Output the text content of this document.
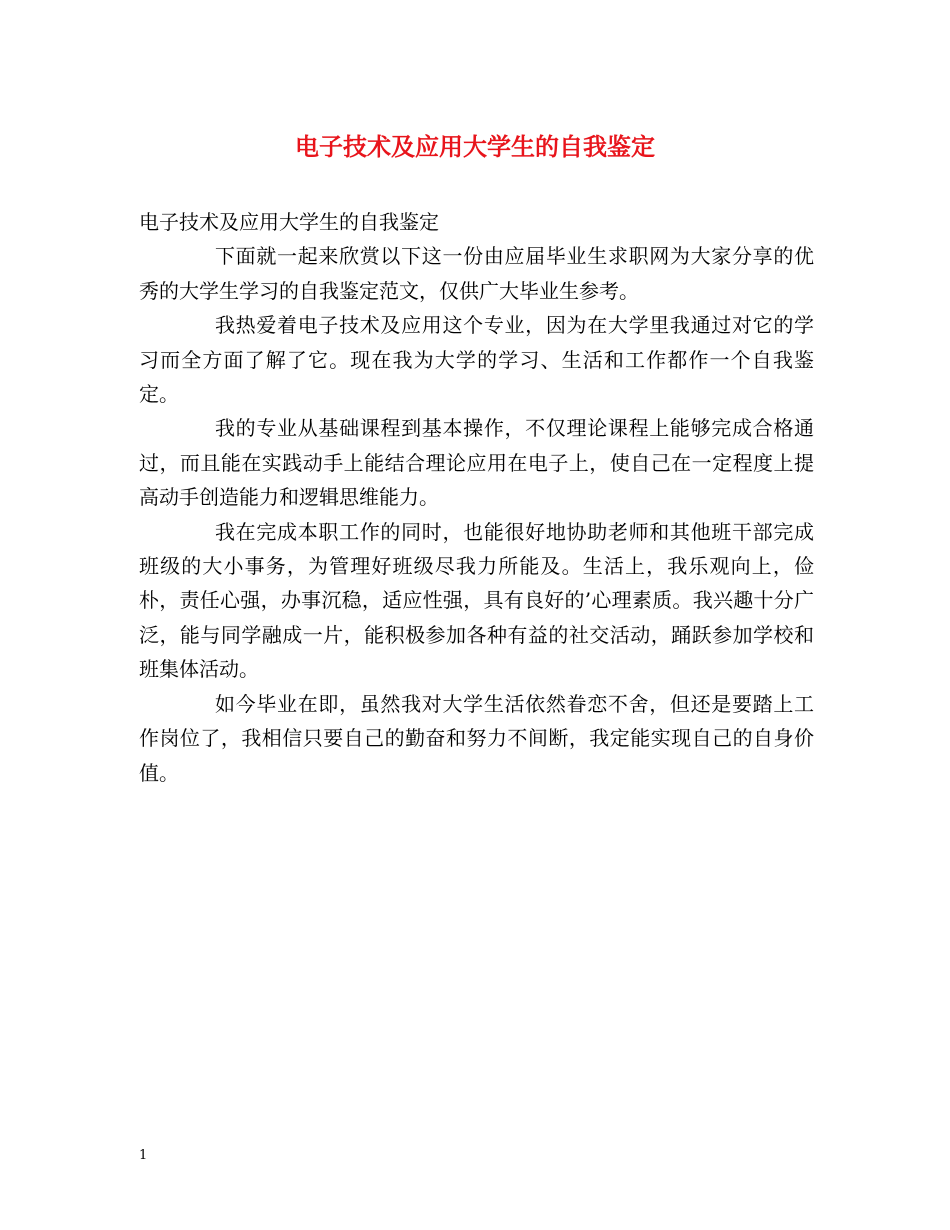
电子技术及应用大学生的自我鉴定

电子技术及应用大学生的自我鉴定

下面就一起来欣赏以下这一份由应届毕业生求职网为大家分享的优秀的大学生学习的自我鉴定范文，仅供广大毕业生参考。

我热爱着电子技术及应用这个专业，因为在大学里我通过对它的学习而全方面了解了它。现在我为大学的学习、生活和工作都作一个自我鉴定。

我的专业从基础课程到基本操作，不仅理论课程上能够完成合格通过，而且能在实践动手上能结合理论应用在电子上，使自己在一定程度上提高动手创造能力和逻辑思维能力。

我在完成本职工作的同时，也能很好地协助老师和其他班干部完成班级的大小事务，为管理好班级尽我力所能及。生活上，我乐观向上，俭朴，责任心强，办事沉稳，适应性强，具有良好的’心理素质。我兴趣十分广泛，能与同学融成一片，能积极参加各种有益的社交活动，踊跃参加学校和班集体活动。

如今毕业在即，虽然我对大学生活依然眷恋不舍，但还是要踏上工作岗位了，我相信只要自己的勤奋和努力不间断，我定能实现自己的自身价值。

1
